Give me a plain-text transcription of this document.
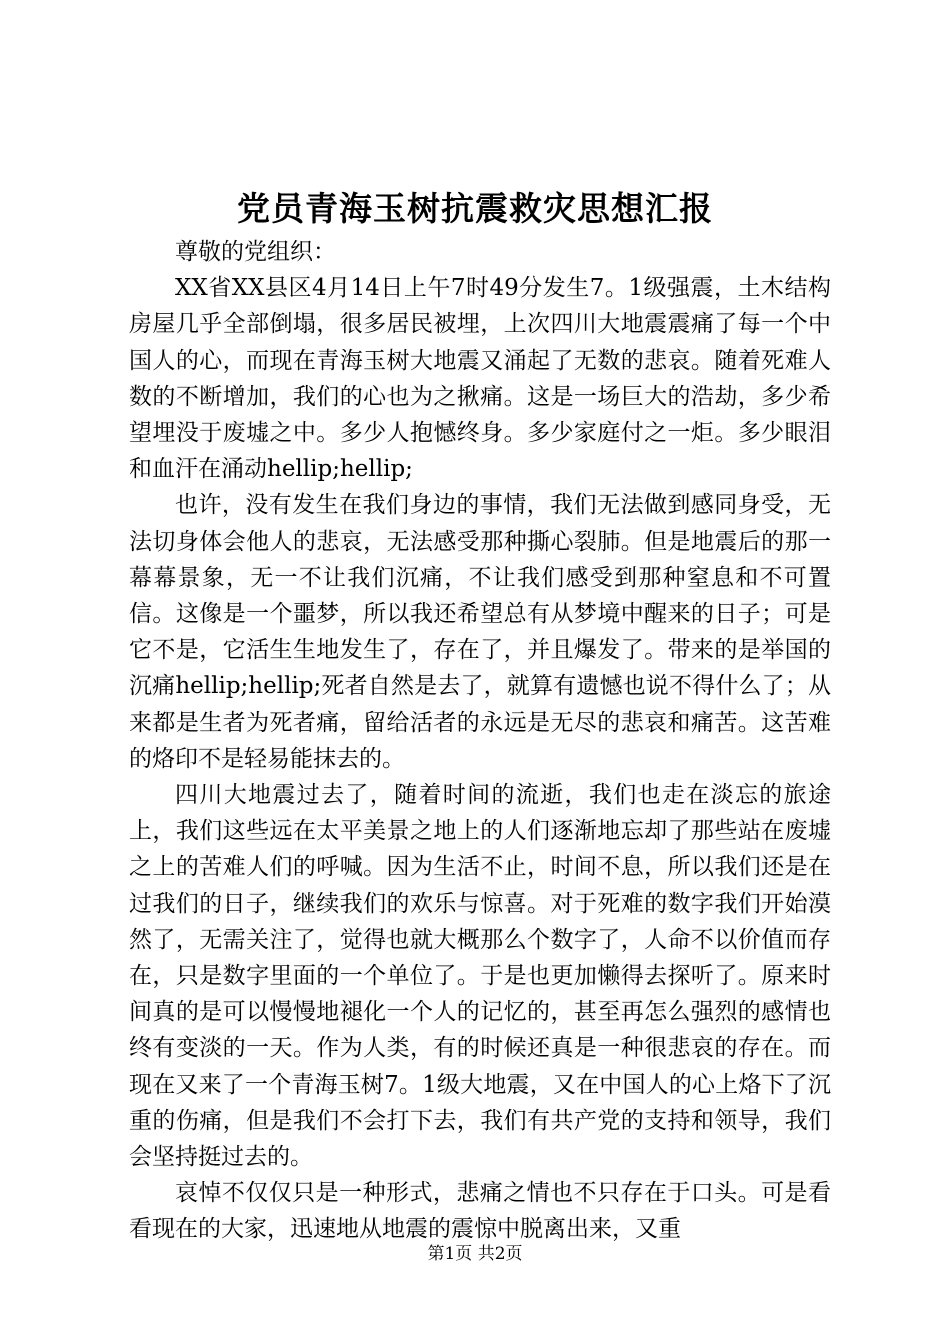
党员青海玉树抗震救灾思想汇报

尊敬的党组织：

XX省XX县区4月14日上午7时49分发生7。1级强震，土木结构房屋几乎全部倒塌，很多居民被埋，上次四川大地震震痛了每一个中国人的心，而现在青海玉树大地震又涌起了无数的悲哀。随着死难人数的不断增加，我们的心也为之揪痛。这是一场巨大的浩劫，多少希望埋没于废墟之中。多少人抱憾终身。多少家庭付之一炬。多少眼泪和血汗在涌动hellip;hellip;

也许，没有发生在我们身边的事情，我们无法做到感同身受，无法切身体会他人的悲哀，无法感受那种撕心裂肺。但是地震后的那一幕幕景象，无一不让我们沉痛，不让我们感受到那种窒息和不可置信。这像是一个噩梦，所以我还希望总有从梦境中醒来的日子；可是它不是，它活生生地发生了，存在了，并且爆发了。带来的是举国的沉痛hellip;hellip;死者自然是去了，就算有遗憾也说不得什么了；从来都是生者为死者痛，留给活者的永远是无尽的悲哀和痛苦。这苦难的烙印不是轻易能抹去的。

四川大地震过去了，随着时间的流逝，我们也走在淡忘的旅途上，我们这些远在太平美景之地上的人们逐渐地忘却了那些站在废墟之上的苦难人们的呼喊。因为生活不止，时间不息，所以我们还是在过我们的日子，继续我们的欢乐与惊喜。对于死难的数字我们开始漠然了，无需关注了，觉得也就大概那么个数字了，人命不以价值而存在，只是数字里面的一个单位了。于是也更加懒得去探听了。原来时间真的是可以慢慢地褪化一个人的记忆的，甚至再怎么强烈的感情也终有变淡的一天。作为人类，有的时候还真是一种很悲哀的存在。而现在又来了一个青海玉树7。1级大地震，又在中国人的心上烙下了沉重的伤痛，但是我们不会打下去，我们有共产党的支持和领导，我们会坚持挺过去的。

哀悼不仅仅只是一种形式，悲痛之情也不只存在于口头。可是看看现在的大家，迅速地从地震的震惊中脱离出来，又重

第1页 共2页
